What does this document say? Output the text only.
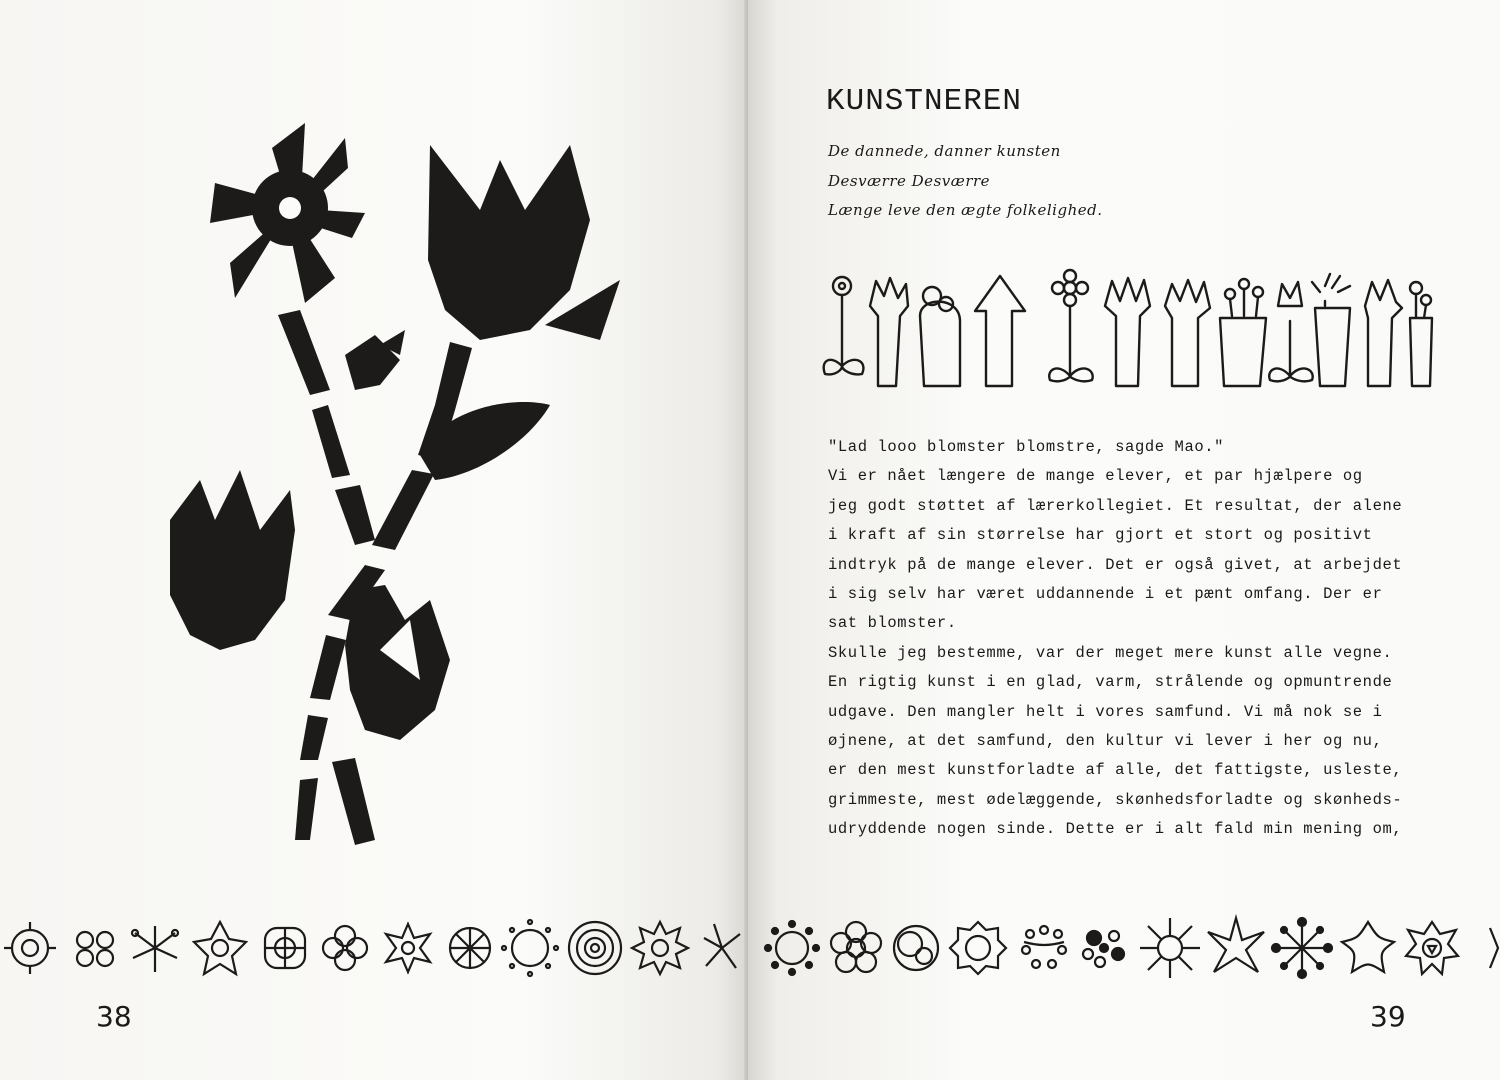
38
KUNSTNEREN
De dannede, danner kunsten
Desværre Desværre
Længe leve den ægte folkelighed.
"Lad looo blomster blomstre, sagde Mao."
Vi er nået længere de mange elever, et par hjælpere og
jeg godt støttet af lærerkollegiet. Et resultat, der alene
i kraft af sin størrelse har gjort et stort og positivt
indtryk på de mange elever. Det er også givet, at arbejdet
i sig selv har været uddannende i et pænt omfang. Der er
sat blomster.
Skulle jeg bestemme, var der meget mere kunst alle vegne.
En rigtig kunst i en glad, varm, strålende og opmuntrende
udgave. Den mangler helt i vores samfund. Vi må nok se i
øjnene, at det samfund, den kultur vi lever i her og nu,
er den mest kunstforladte af alle, det fattigste, usleste,
grimmeste, mest ødelæggende, skønhedsforladte og skønheds-
udryddende nogen sinde. Dette er i alt fald min mening om,
39
